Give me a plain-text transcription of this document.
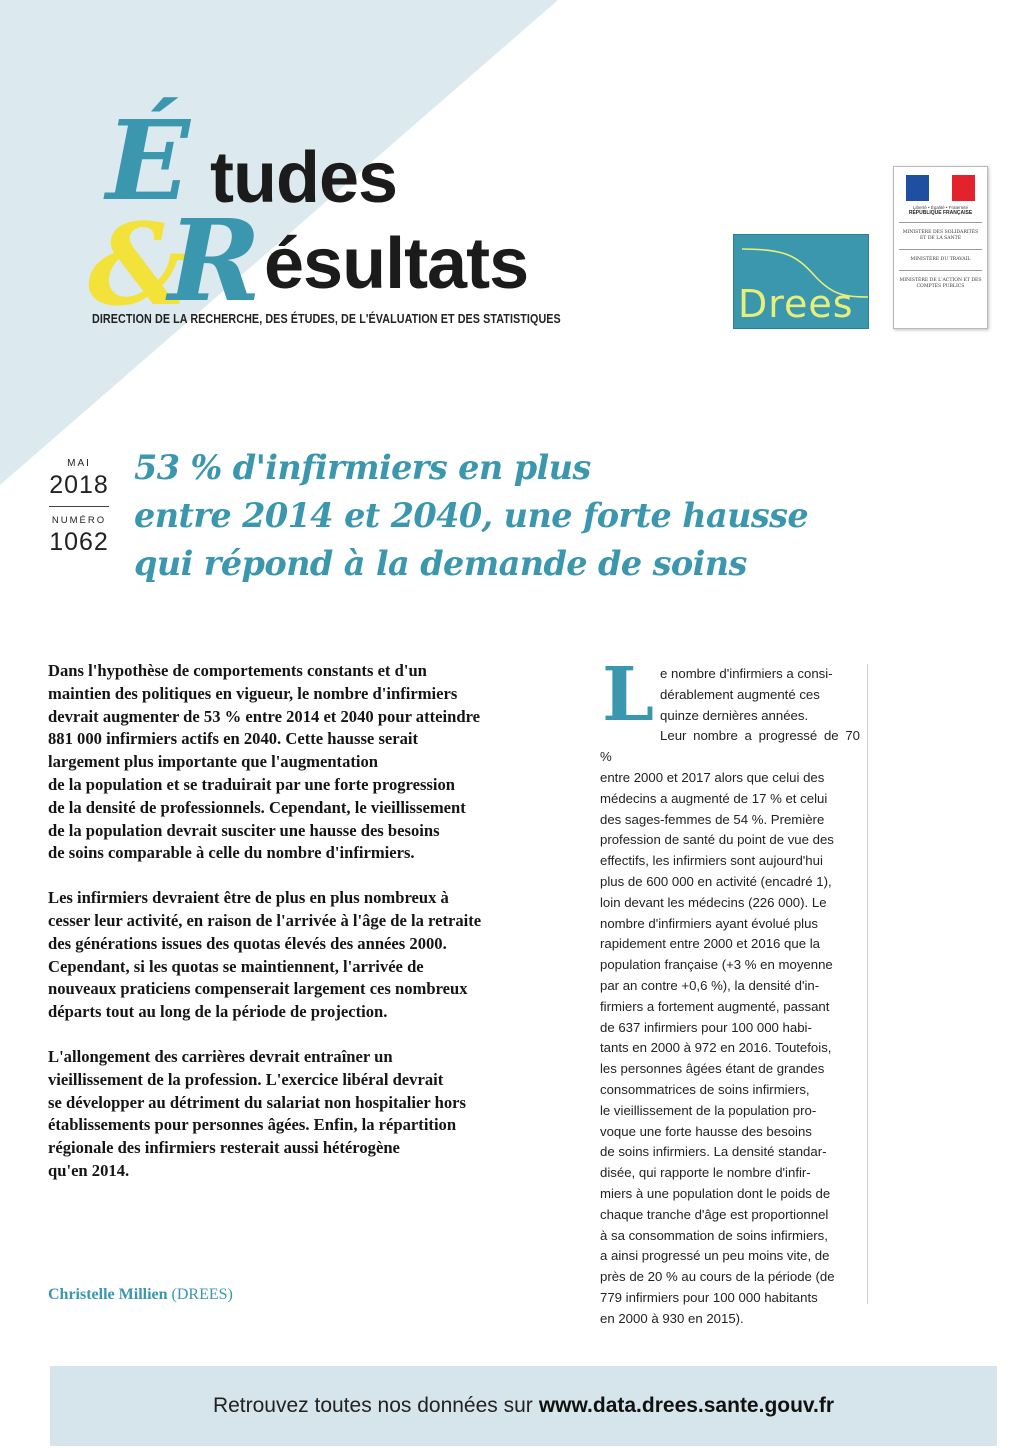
É tudes
&
R ésultats
DIRECTION DE LA RECHERCHE, DES ÉTUDES, DE L'ÉVALUATION ET DES STATISTIQUES	Drees
Liberté • Égalité • Fraternité
RÉPUBLIQUE FRANÇAISE
MINISTÈRE DES SOLIDARITÉS ET DE LA SANTÉ
MINISTÈRE DU TRAVAIL
MINISTÈRE DE L'ACTION ET DES COMPTES PUBLICS
MAI
2018
NUMÉRO
1062
53 % d'infirmiers en plus
entre 2014 et 2040, une forte hausse
qui répond à la demande de soins

Dans l'hypothèse de comportements constants et d'un
maintien des politiques en vigueur, le nombre d'infirmiers
devrait augmenter de 53 % entre 2014 et 2040 pour atteindre
881 000 infirmiers actifs en 2040. Cette hausse serait
largement plus importante que l'augmentation
de la population et se traduirait par une forte progression
de la densité de professionnels. Cependant, le vieillissement
de la population devrait susciter une hausse des besoins
de soins comparable à celle du nombre d'infirmiers.

Les infirmiers devraient être de plus en plus nombreux à
cesser leur activité, en raison de l'arrivée à l'âge de la retraite
des générations issues des quotas élevés des années 2000.
Cependant, si les quotas se maintiennent, l'arrivée de
nouveaux praticiens compenserait largement ces nombreux
départs tout au long de la période de projection.

L'allongement des carrières devrait entraîner un
vieillissement de la profession. L'exercice libéral devrait
se développer au détriment du salariat non hospitalier hors
établissements pour personnes âgées. Enfin, la répartition
régionale des infirmiers resterait aussi hétérogène
qu'en 2014.

Christelle Millien (DREES)
Le nombre d'infirmiers a consi-
dérablement augmenté ces
quinze dernières années.
Leur nombre a progressé de 70 %
entre 2000 et 2017 alors que celui des
médecins a augmenté de 17 % et celui
des sages-femmes de 54 %. Première
profession de santé du point de vue des
effectifs, les infirmiers sont aujourd'hui
plus de 600 000 en activité (encadré 1),
loin devant les médecins (226 000). Le
nombre d'infirmiers ayant évolué plus
rapidement entre 2000 et 2016 que la
population française (+3 % en moyenne
par an contre +0,6 %), la densité d'in-
firmiers a fortement augmenté, passant
de 637 infirmiers pour 100 000 habi-
tants en 2000 à 972 en 2016. Toutefois,
les personnes âgées étant de grandes
consommatrices de soins infirmiers,
le vieillissement de la population pro-
voque une forte hausse des besoins
de soins infirmiers. La densité standar-
disée, qui rapporte le nombre d'infir-
miers à une population dont le poids de
chaque tranche d'âge est proportionnel
à sa consommation de soins infirmiers,
a ainsi progressé un peu moins vite, de
près de 20 % au cours de la période (de
779 infirmiers pour 100 000 habitants
en 2000 à 930 en 2015).
Retrouvez toutes nos données sur www.data.drees.sante.gouv.fr
